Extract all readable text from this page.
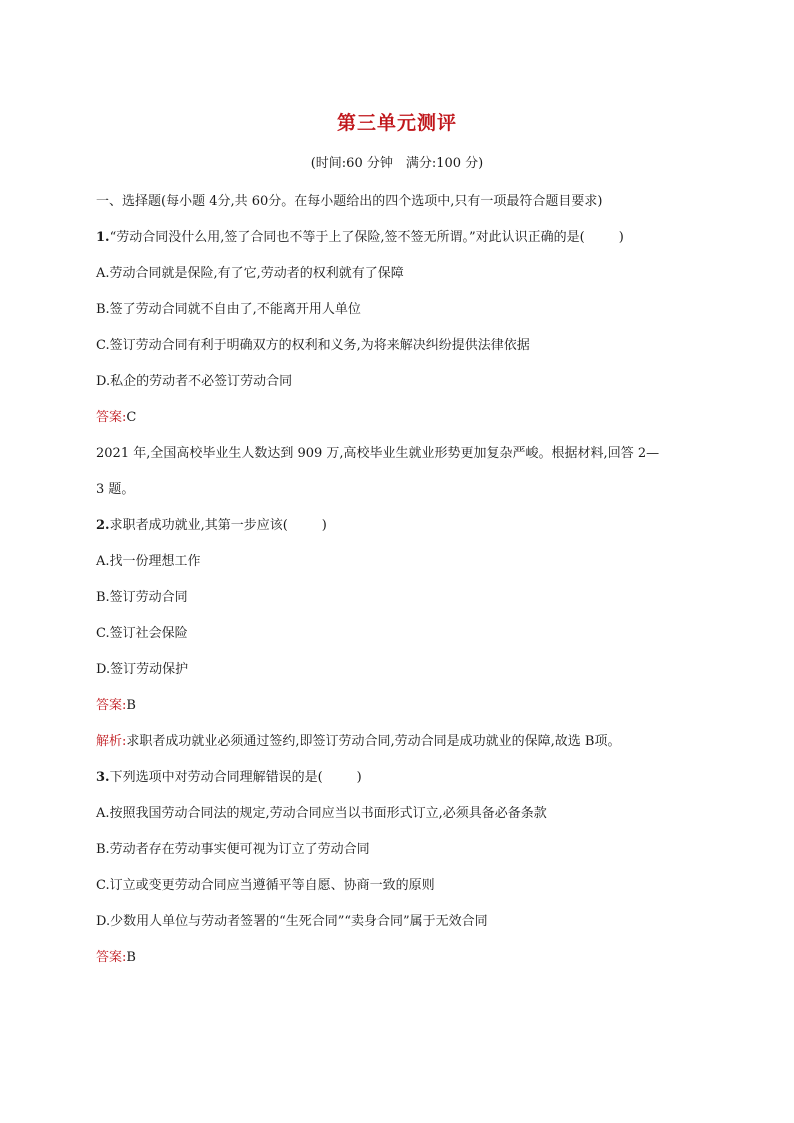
第三单元测评
(时间:60 分钟　满分:100 分)
一、选择题(每小题 4分,共 60分。在每小题给出的四个选项中,只有一项最符合题目要求)
1.“劳动合同没什么用,签了合同也不等于上了保险,签不签无所谓。”对此认识正确的是(	)
A.劳动合同就是保险,有了它,劳动者的权利就有了保障
B.签了劳动合同就不自由了,不能离开用人单位
C.签订劳动合同有利于明确双方的权利和义务,为将来解决纠纷提供法律依据
D.私企的劳动者不必签订劳动合同
答案:C
2021 年,全国高校毕业生人数达到 909 万,高校毕业生就业形势更加复杂严峻。根据材料,回答 2—
3 题。
2.求职者成功就业,其第一步应该(	)
A.找一份理想工作
B.签订劳动合同
C.签订社会保险
D.签订劳动保护
答案:B
解析:求职者成功就业必须通过签约,即签订劳动合同,劳动合同是成功就业的保障,故选 B项。
3.下列选项中对劳动合同理解错误的是(	)
A.按照我国劳动合同法的规定,劳动合同应当以书面形式订立,必须具备必备条款
B.劳动者存在劳动事实便可视为订立了劳动合同
C.订立或变更劳动合同应当遵循平等自愿、协商一致的原则
D.少数用人单位与劳动者签署的“生死合同”“卖身合同”属于无效合同
答案:B
